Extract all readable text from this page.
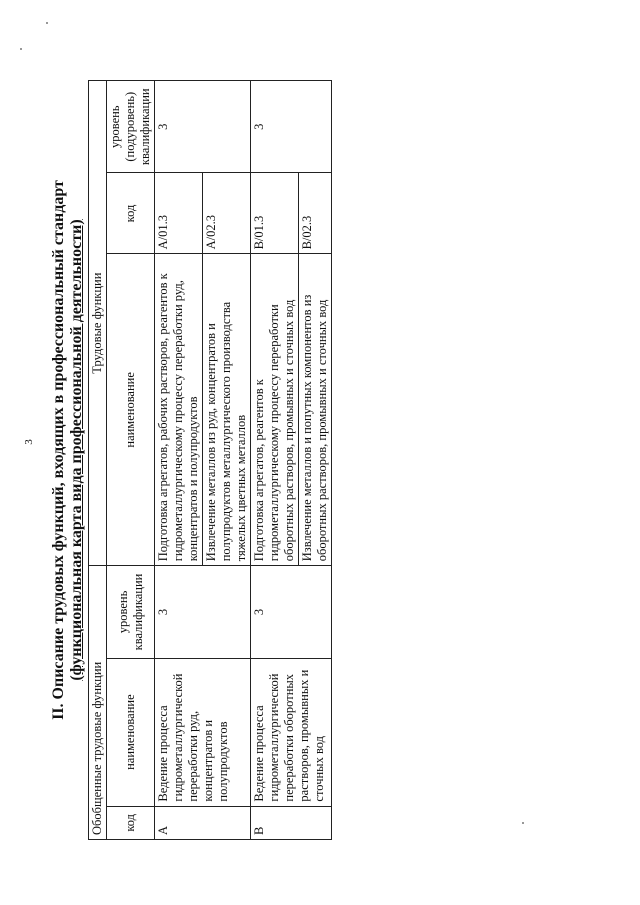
3 II. Описание трудовых функций, входящих в профессиональный стандарт (функциональная карта вида профессиональной деятельности)
Обобщенные трудовые функции			Трудовые функции		
код	наименование	уровень квалификации	наименование	код	уровень (подуровень) квалификации
А	Ведение процесса гидрометаллургической переработки руд, концентратов и полупродуктов	3	Подготовка агрегатов, рабочих растворов, реагентов к гидрометаллургическому процессу переработки руд, концентратов и полупродуктов	А/01.3	3
			Извлечение металлов из руд, концентратов и полупродуктов металлургического производства тяжелых цветных металлов	А/02.3	
В	Ведение процесса гидрометаллургической переработки оборотных растворов, промывных и сточных вод	3	Подготовка агрегатов, реагентов к гидрометаллургическому процессу переработки оборотных растворов, промывных и сточных вод	В/01.3	3
			Извлечение металлов и попутных компонентов из оборотных растворов, промывных и сточных вод	В/02.3	
